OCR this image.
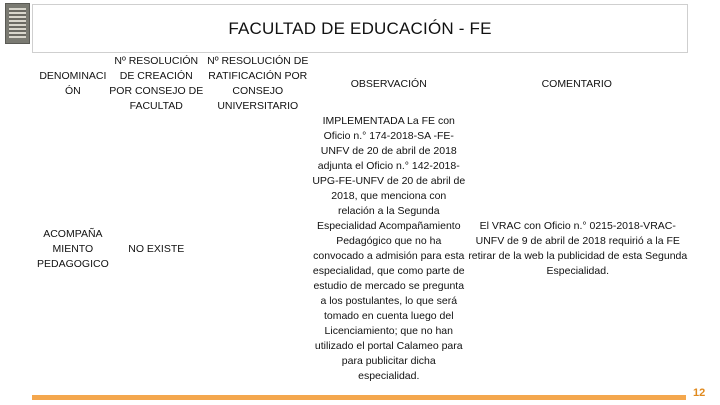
FACULTAD DE EDUCACIÓN - FE
DENOMINACI ÓN	Nº RESOLUCIÓN DE CREACIÓN POR CONSEJO DE FACULTAD	Nº RESOLUCIÓN DE RATIFICACIÓN POR CONSEJO UNIVERSITARIO	OBSERVACIÓN	COMENTARIO
ACOMPAÑA MIENTO PEDAGOGICO	NO EXISTE		IMPLEMENTADA La FE con Oficio n.° 174-2018-SA -FE-UNFV de 20 de abril de 2018 adjunta el Oficio n.° 142-2018-UPG-FE-UNFV de 20 de abril de 2018, que menciona con relación a la Segunda Especialidad Acompañamiento Pedagógico que no ha convocado a admisión para esta especialidad, que como parte de estudio de mercado se pregunta a los postulantes, lo que será tomado en cuenta luego del Licenciamiento; que no han utilizado el portal Calameo para para publicitar dicha especialidad.	El VRAC con Oficio n.° 0215-2018-VRAC-UNFV de 9 de abril de 2018 requirió a la FE retirar de la web la publicidad de esta Segunda Especialidad.
12
